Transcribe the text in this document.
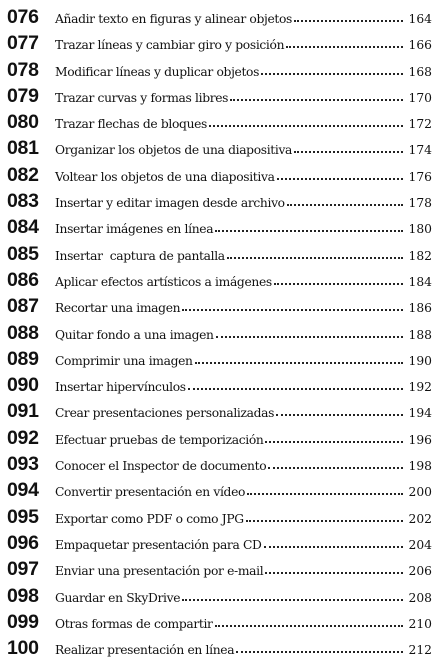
076	Añadir texto en figuras y alinear objetos	164
077	Trazar líneas y cambiar giro y posición	166
078	Modificar líneas y duplicar objetos	168
079	Trazar curvas y formas libres	170
080	Trazar flechas de bloques	172
081	Organizar los objetos de una diapositiva	174
082	Voltear los objetos de una diapositiva	176
083	Insertar y editar imagen desde archivo	178
084	Insertar imágenes en línea	180
085	Insertar  captura de pantalla	182
086	Aplicar efectos artísticos a imágenes	184
087	Recortar una imagen	186
088	Quitar fondo a una imagen	188
089	Comprimir una imagen	190
090	Insertar hipervínculos	192
091	Crear presentaciones personalizadas	194
092	Efectuar pruebas de temporización	196
093	Conocer el Inspector de documento	198
094	Convertir presentación en vídeo	200
095	Exportar como PDF o como JPG	202
096	Empaquetar presentación para CD	204
097	Enviar una presentación por e-mail	206
098	Guardar en SkyDrive	208
099	Otras formas de compartir	210
100	Realizar presentación en línea	212
